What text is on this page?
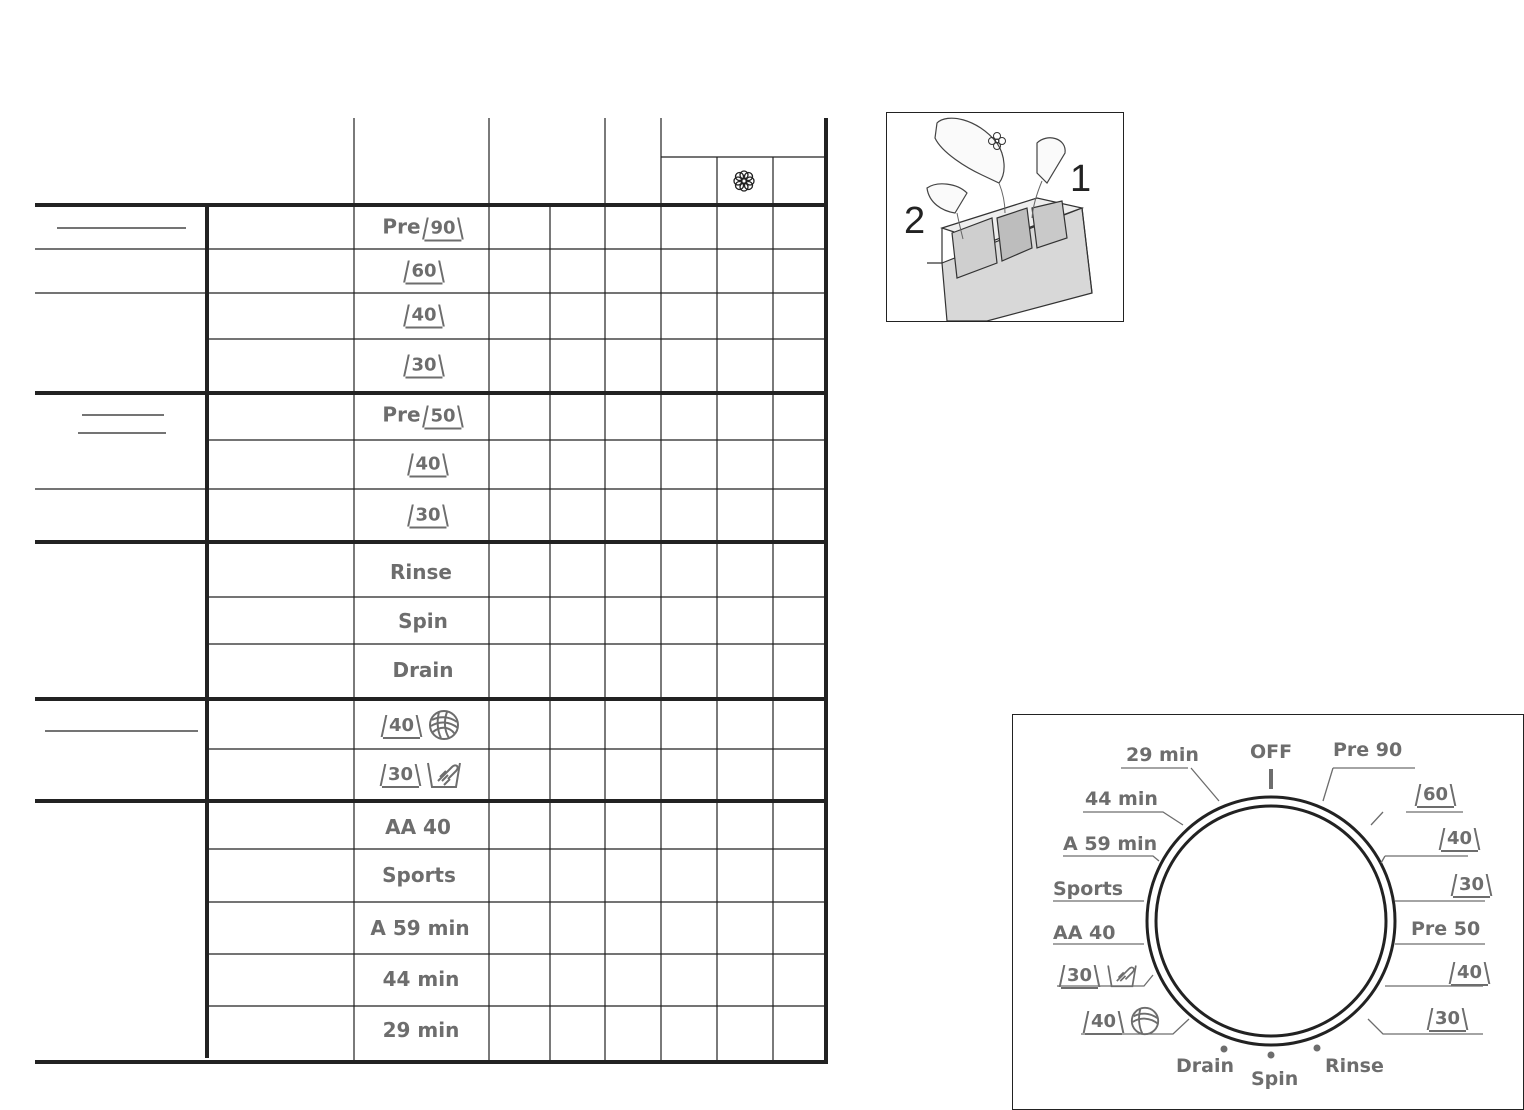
Pre 90
60
40
30
Pre 50
40
30
Rinse
Spin
Drain
40
30
AA 40
Sports
A 59 min
44 min
29 min
1
2
OFF
29 min
44 min
A 59 min
Sports
AA 40
30
40
Pre 90
60
40
30
Pre 50
40
30
Drain
Spin
Rinse
